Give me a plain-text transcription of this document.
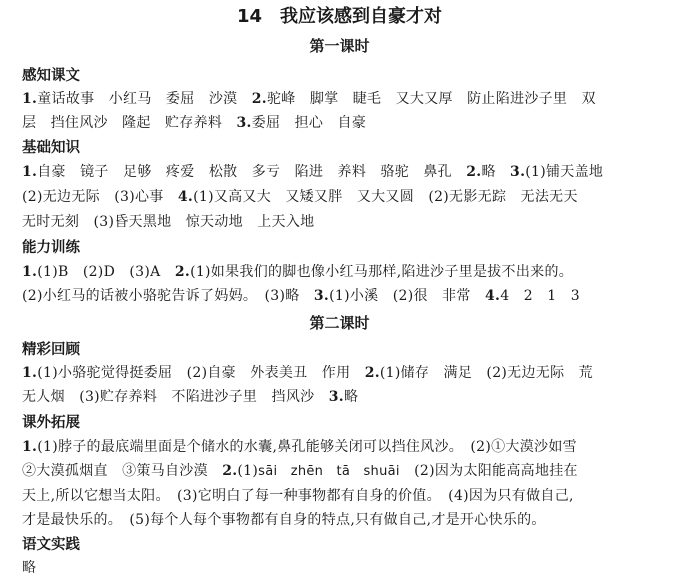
14 我应该感到自豪才对
第一课时
感知课文
1.童话故事　小红马　委屈　沙漠　2.驼峰　脚掌　睫毛　又大又厚　防止陷进沙子里　双
层　挡住风沙　隆起　贮存养料　3.委屈　担心　自豪
基础知识
1.自豪　镜子　足够　疼爱　松散　多亏　陷进　养料　骆驼　鼻孔　2.略　3.(1)铺天盖地
(2)无边无际　(3)心事　4.(1)又高又大　又矮又胖　又大又圆　(2)无影无踪　无法无天
无时无刻　(3)昏天黑地　惊天动地　上天入地
能力训练
1.(1)B　(2)D　(3)A　2.(1)如果我们的脚也像小红马那样,陷进沙子里是拔不出来的。
(2)小红马的话被小骆驼告诉了妈妈。　(3)略　3.(1)小溪　(2)很　非常　4.4　2　1　3
第二课时
精彩回顾
1.(1)小骆驼觉得挺委屈　(2)自豪　外表美丑　作用　2.(1)储存　满足　(2)无边无际　荒
无人烟　(3)贮存养料　不陷进沙子里　挡风沙　3.略
课外拓展
1.(1)脖子的最底端里面是个储水的水囊,鼻孔能够关闭可以挡住风沙。　(2)①大漠沙如雪
②大漠孤烟直　③策马自沙漠　2.(1)sāi　zhēn　tā　shuāi　(2)因为太阳能高高地挂在
天上,所以它想当太阳。　(3)它明白了每一种事物都有自身的价值。　(4)因为只有做自己,
才是最快乐的。　(5)每个人每个事物都有自身的特点,只有做自己,才是开心快乐的。
语文实践
略
